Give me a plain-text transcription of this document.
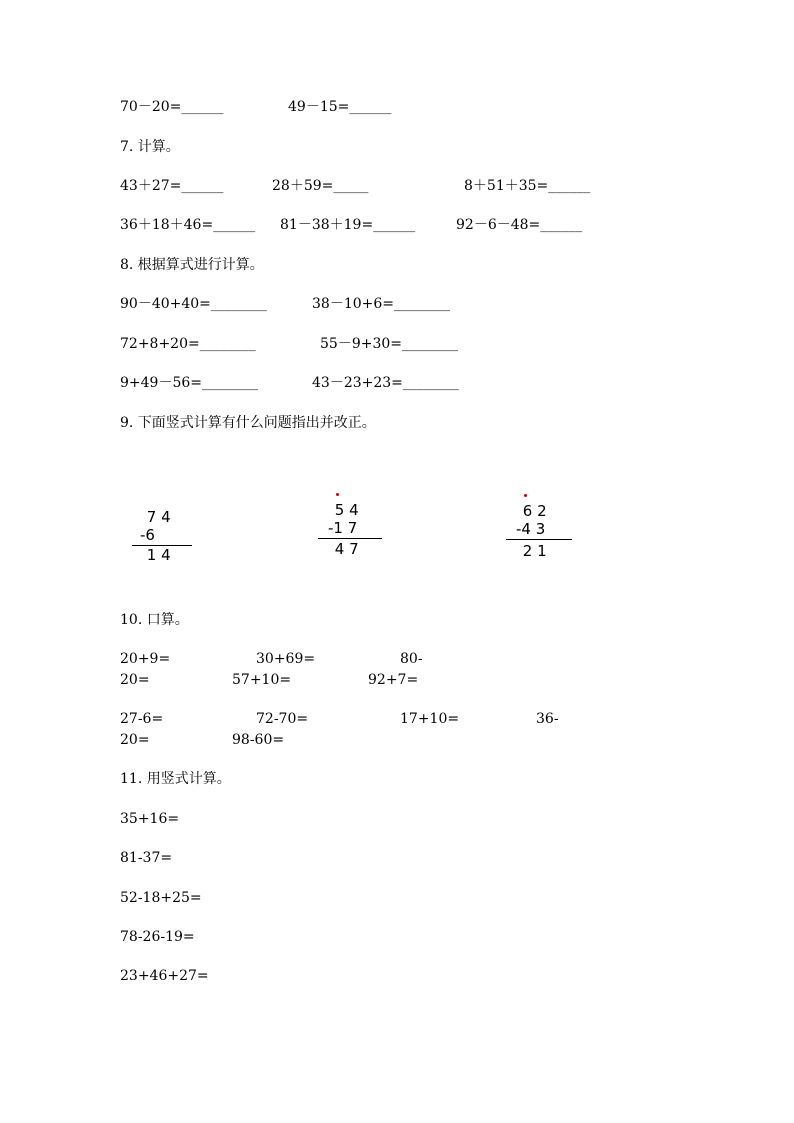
70－20=______	49－15=______
7. 计算。
43＋27=______	28＋59=_____	8＋51＋35=______
36＋18＋46=______ 81－38＋19=______	92－6－48=______
8. 根据算式进行计算。
90－40+40=________	38－10+6=________
72+8+20=________	55－9+30=________
9+49－56=________	43－23+23=________
9. 下面竖式计算有什么问题指出并改正。
7 4
-6
1 4
5 4
-1 7
4 7
6 2
-4 3
2 1
10. 口算。
20+9=	30+69=	80-
20=	57+10=	92+7=
27-6=	72-70=	17+10=	36-
20=	98-60=
11. 用竖式计算。
35+16=
81-37=
52-18+25=
78-26-19=
23+46+27=
